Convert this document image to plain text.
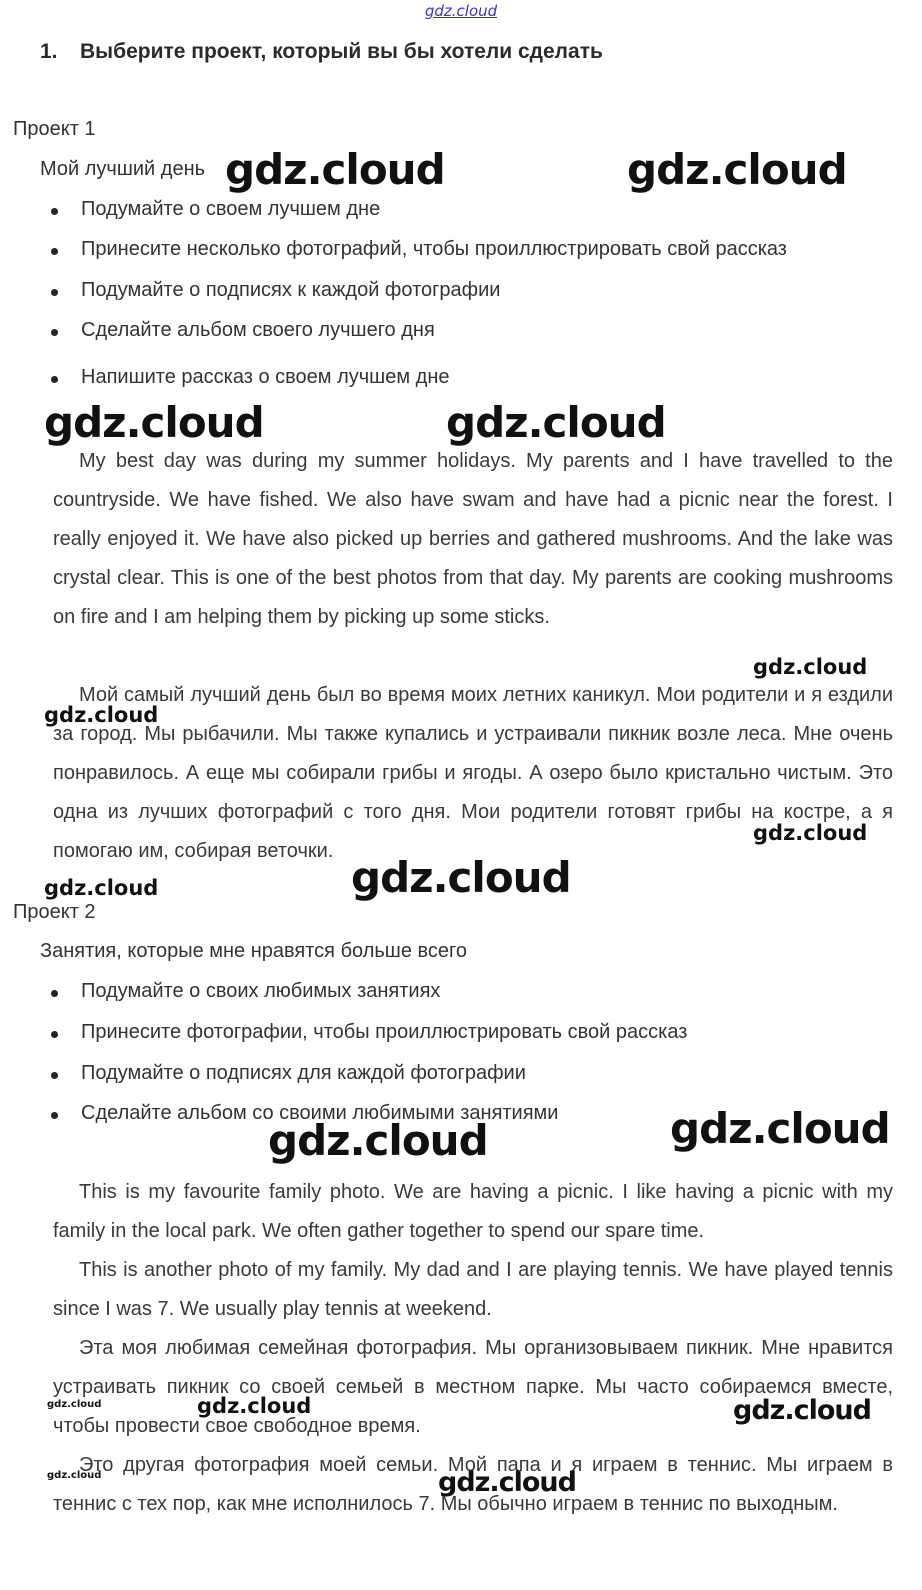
gdz.cloud
1. Выберите проект, который вы бы хотели сделать
Проект 1
Мой лучший день
Подумайте о своем лучшем дне
Принесите несколько фотографий, чтобы проиллюстрировать свой рассказ
Подумайте о подписях к каждой фотографии
Сделайте альбом своего лучшего дня
Напишите рассказ о своем лучшем дне
My best day was during my summer holidays. My parents and I have travelled to the countryside. We have fished. We also have swam and have had a picnic near the forest. I really enjoyed it. We have also picked up berries and gathered mushrooms. And the lake was crystal clear. This is one of the best photos from that day. My parents are cooking mushrooms on fire and I am helping them by picking up some sticks.
Мой самый лучший день был во время моих летних каникул. Мои родители и я ездили за город. Мы рыбачили. Мы также купались и устраивали пикник возле леса. Мне очень понравилось. А еще мы собирали грибы и ягоды. А озеро было кристально чистым. Это одна из лучших фотографий с того дня. Мои родители готовят грибы на костре, а я помогаю им, собирая веточки.
Проект 2
Занятия, которые мне нравятся больше всего
Подумайте о своих любимых занятиях
Принесите фотографии, чтобы проиллюстрировать свой рассказ
Подумайте о подписях для каждой фотографии
Сделайте альбом со своими любимыми занятиями
This is my favourite family photo. We are having a picnic. I like having a picnic with my family in the local park. We often gather together to spend our spare time.
This is another photo of my family. My dad and I are playing tennis. We have played tennis since I was 7. We usually play tennis at weekend.
Эта моя любимая семейная фотография. Мы организовываем пикник. Мне нравится устраивать пикник со своей семьей в местном парке. Мы часто собираемся вместе, чтобы провести свое свободное время.
Это другая фотография моей семьи. Мой папа и я играем в теннис. Мы играем в теннис с тех пор, как мне исполнилось 7. Мы обычно играем в теннис по выходным.
gdz.cloud	gdz.cloud
gdz.cloud	gdz.cloud
gdz.cloud
gdz.cloud
gdz.cloud
gdz.cloud
gdz.cloud
gdz.cloud	gdz.cloud
gdz.cloud	gdz.cloud	gdz.cloud
gdz.cloud	gdz.cloud
